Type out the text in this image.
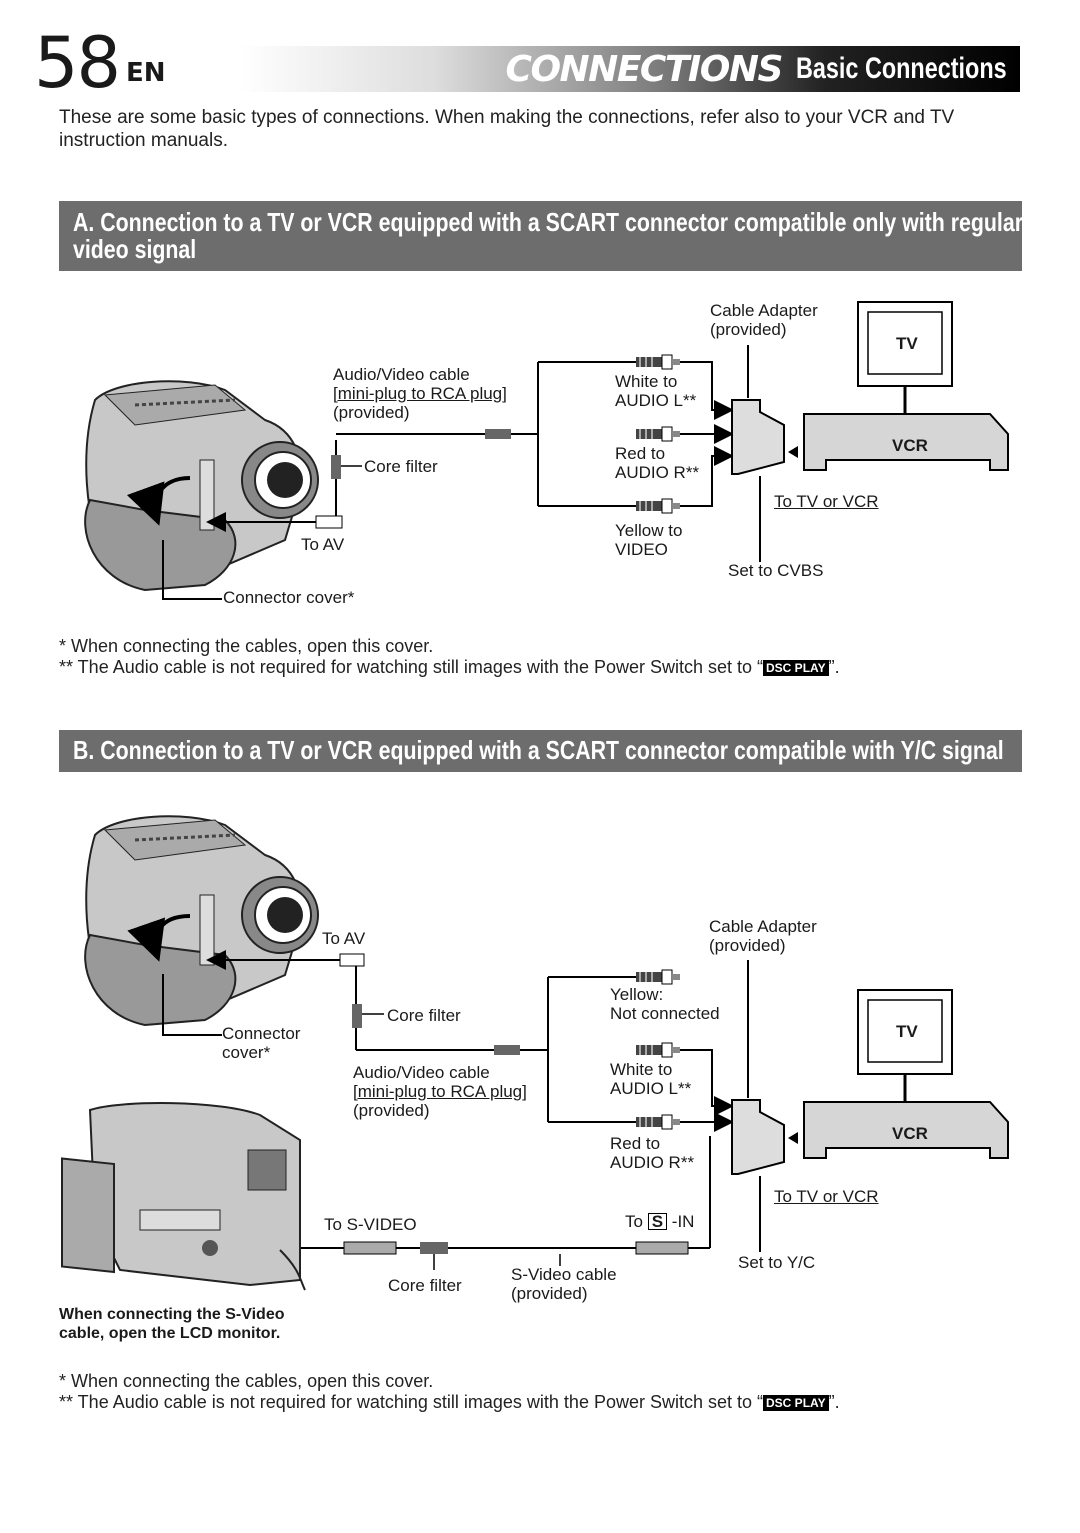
58 EN	CONNECTIONS Basic Connections
These are some basic types of connections. When making the connections, refer also to your VCR and TV instruction manuals.
A. Connection to a TV or VCR equipped with a SCART connector compatible only with regular video signal
Cable Adapter
(provided)
TV
Audio/Video cable
[mini-plug to RCA plug]
(provided)
White to
AUDIO L**
VCR
Red to
AUDIO R**
Core filter
To TV or VCR
Yellow to
VIDEO
To AV
Set to CVBS
Connector cover*
* When connecting the cables, open this cover.
** The Audio cable is not required for watching still images with the Power Switch set to “ DSC PLAY ”.
B. Connection to a TV or VCR equipped with a SCART connector compatible with Y/C signal
Cable Adapter
(provided)
To AV
Yellow:
Not connected
Core filter
Connector
cover*
TV
Audio/Video cable
[mini-plug to RCA plug]
(provided)
White to
AUDIO L**
VCR
Red to
AUDIO R**
To TV or VCR
To S-VIDEO	To S -IN
Set to Y/C
Core filter
S-Video cable
(provided)
When connecting the S-Video
cable, open the LCD monitor.
* When connecting the cables, open this cover.
** The Audio cable is not required for watching still images with the Power Switch set to “ DSC PLAY ”.
